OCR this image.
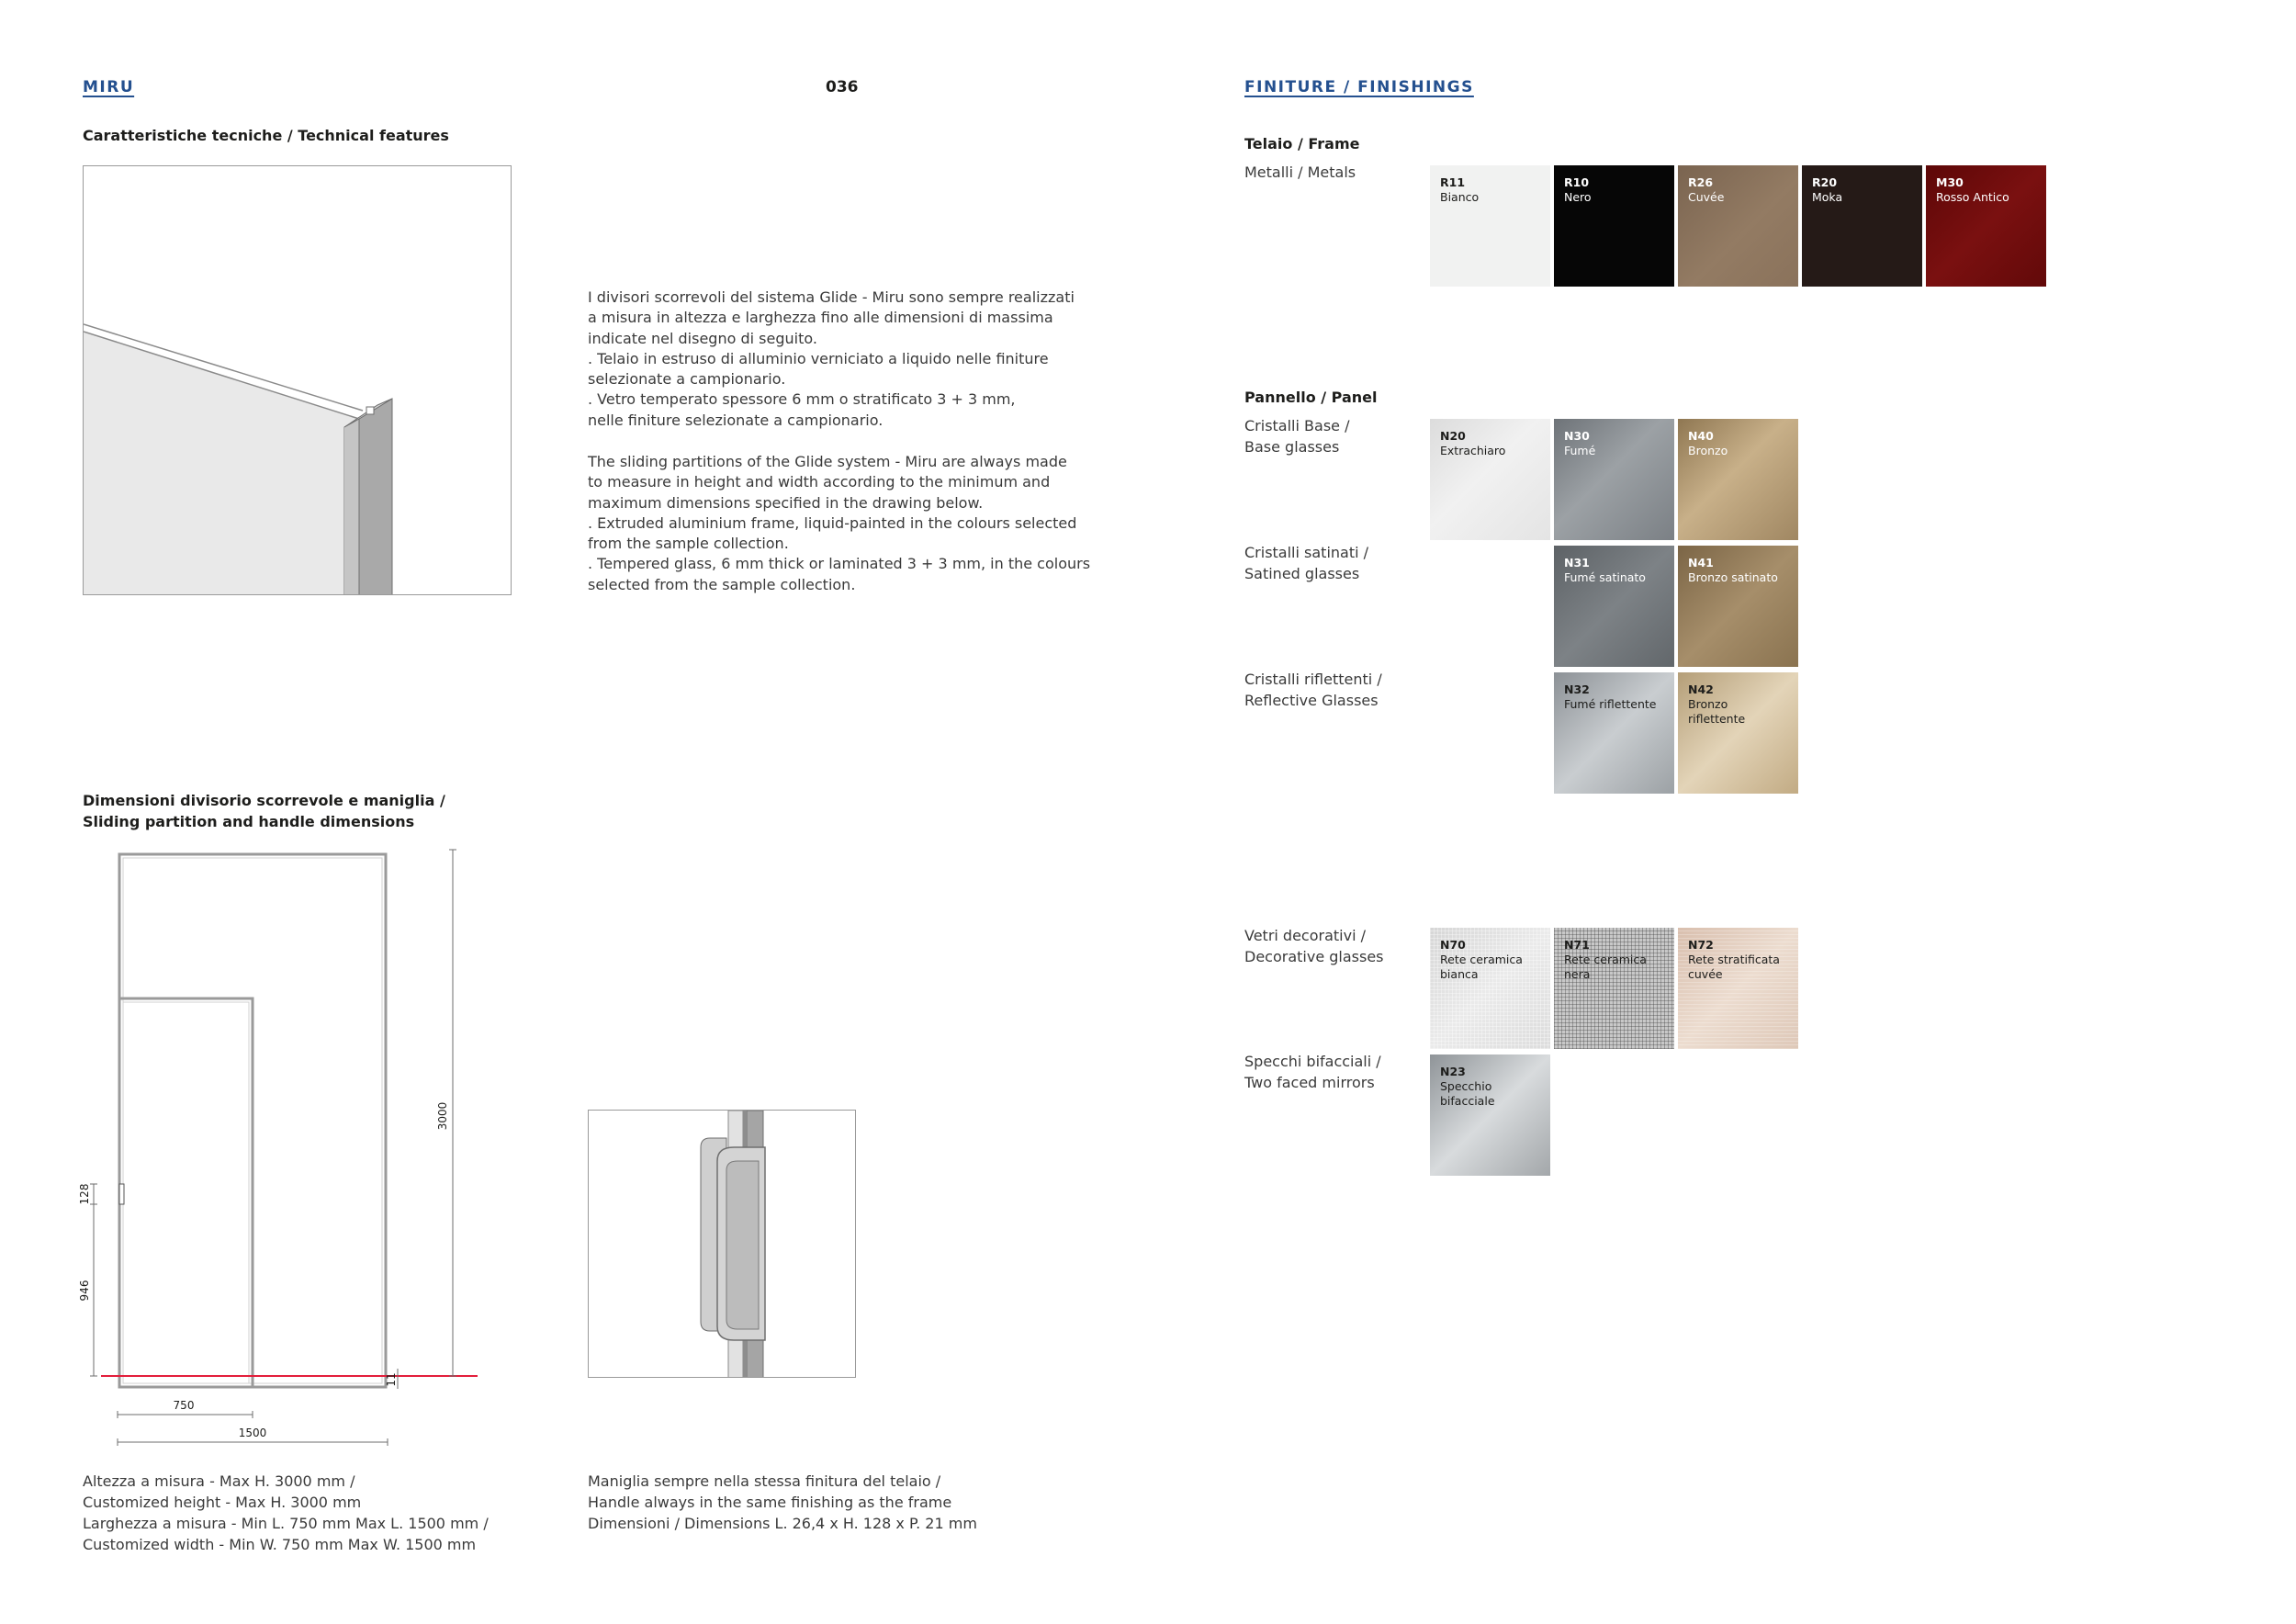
MIRU	036
Caratteristiche tecniche / Technical features
I divisori scorrevoli del sistema Glide - Miru sono sempre realizzati
a misura in altezza e larghezza fino alle dimensioni di massima
indicate nel disegno di seguito.
. Telaio in estruso di alluminio verniciato a liquido nelle finiture
selezionate a campionario.
. Vetro temperato spessore 6 mm o stratificato 3 + 3 mm,
nelle finiture selezionate a campionario.
The sliding partitions of the Glide system - Miru are always made
to measure in height and width according to the minimum and
maximum dimensions specified in the drawing below.
. Extruded aluminium frame, liquid-painted in the colours selected
from the sample collection.
. Tempered glass, 6 mm thick or laminated 3 + 3 mm, in the colours
selected from the sample collection.
Dimensioni divisorio scorrevole e maniglia /
Sliding partition and handle dimensions
3000
128
946
11
750
1500
Altezza a misura - Max H. 3000 mm /
Customized height - Max H. 3000 mm
Larghezza a misura - Min L. 750 mm Max L. 1500 mm /
Customized width - Min W. 750 mm Max W. 1500 mm
Maniglia sempre nella stessa finitura del telaio /
Handle always in the same finishing as the frame
Dimensioni / Dimensions L. 26,4 x H. 128 x P. 21 mm
FINITURE / FINISHINGS
Telaio / Frame
Metalli / Metals
R11
Bianco
R10
Nero
R26
Cuvée
R20
Moka
M30
Rosso Antico
Pannello / Panel
Cristalli Base /
Base glasses
N20
Extrachiaro
N30
Fumé
N40
Bronzo
Cristalli satinati /
Satined glasses
N31
Fumé satinato
N41
Bronzo satinato
Cristalli riflettenti /
Reflective Glasses
N32
Fumé riflettente
N42
Bronzo
riflettente
Vetri decorativi /
Decorative glasses
N70
Rete ceramica
bianca
N71
Rete ceramica
nera
N72
Rete stratificata
cuvée
Specchi bifacciali /
Two faced mirrors
N23
Specchio
bifacciale
